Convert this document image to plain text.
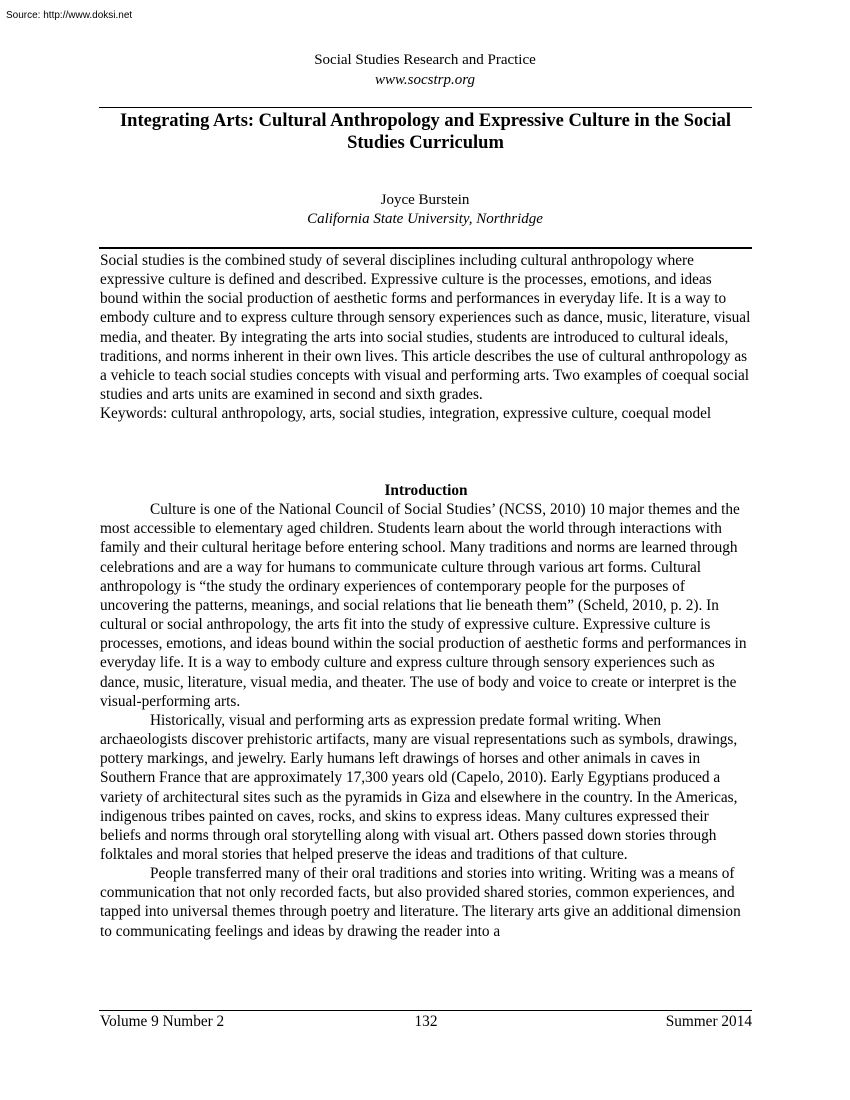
Source: http://www.doksi.net
Social Studies Research and Practice
www.socstrp.org
Integrating Arts: Cultural Anthropology and Expressive Culture in the Social Studies Curriculum
Joyce Burstein
California State University, Northridge

Social studies is the combined study of several disciplines including cultural anthropology where expressive culture is defined and described. Expressive culture is the processes, emotions, and ideas bound within the social production of aesthetic forms and performances in everyday life. It is a way to embody culture and to express culture through sensory experiences such as dance, music, literature, visual media, and theater. By integrating the arts into social studies, students are introduced to cultural ideals, traditions, and norms inherent in their own lives. This article describes the use of cultural anthropology as a vehicle to teach social studies concepts with visual and performing arts. Two examples of coequal social studies and arts units are examined in second and sixth grades.

Keywords: cultural anthropology, arts, social studies, integration, expressive culture, coequal model

Introduction

Culture is one of the National Council of Social Studies’ (NCSS, 2010) 10 major themes and the most accessible to elementary aged children. Students learn about the world through interactions with family and their cultural heritage before entering school. Many traditions and norms are learned through celebrations and are a way for humans to communicate culture through various art forms. Cultural anthropology is “the study the ordinary experiences of contemporary people for the purposes of uncovering the patterns, meanings, and social relations that lie beneath them” (Scheld, 2010, p. 2). In cultural or social anthropology, the arts fit into the study of expressive culture. Expressive culture is processes, emotions, and ideas bound within the social production of aesthetic forms and performances in everyday life. It is a way to embody culture and express culture through sensory experiences such as dance, music, literature, visual media, and theater. The use of body and voice to create or interpret is the visual-performing arts.

Historically, visual and performing arts as expression predate formal writing. When archaeologists discover prehistoric artifacts, many are visual representations such as symbols, drawings, pottery markings, and jewelry. Early humans left drawings of horses and other animals in caves in Southern France that are approximately 17,300 years old (Capelo, 2010). Early Egyptians produced a variety of architectural sites such as the pyramids in Giza and elsewhere in the country. In the Americas, indigenous tribes painted on caves, rocks, and skins to express ideas. Many cultures expressed their beliefs and norms through oral storytelling along with visual art. Others passed down stories through folktales and moral stories that helped preserve the ideas and traditions of that culture.

People transferred many of their oral traditions and stories into writing. Writing was a means of communication that not only recorded facts, but also provided shared stories, common experiences, and tapped into universal themes through poetry and literature. The literary arts give an additional dimension to communicating feelings and ideas by drawing the reader into a

Volume 9 Number 2	132	Summer 2014
